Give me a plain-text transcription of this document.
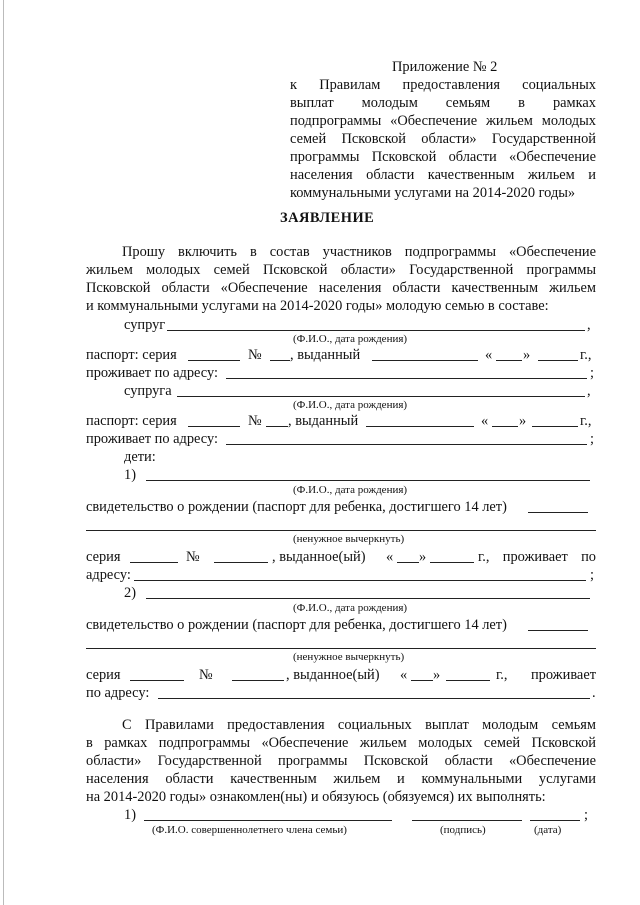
Приложение № 2
к Правилам предоставления социальных
выплат молодым семьям в рамках
подпрограммы «Обеспечение жильем молодых
семей Псковской области» Государственной
программы Псковской области «Обеспечение
населения области качественным жильем и
коммунальными услугами на 2014-2020 годы»
ЗАЯВЛЕНИЕ
Прошу включить в состав участников подпрограммы «Обеспечение
жильем молодых семей Псковской области» Государственной программы
Псковской области «Обеспечение населения области качественным жильем
и коммунальными услугами на 2014-2020 годы» молодую семью в составе:
супруг	,
(Ф.И.О., дата рождения)
паспорт: серия	№ , выданный	« »	г.,
проживает по адресу:	;
супруга	,
(Ф.И.О., дата рождения)
паспорт: серия	№ , выданный	« »	г.,
проживает по адресу:	;
дети:
1)
(Ф.И.О., дата рождения)
свидетельство о рождении (паспорт для ребенка, достигшего 14 лет)
(ненужное вычеркнуть)
серия	№	, выданное(ый) « »	г., проживает по
адресу:	;
2)
(Ф.И.О., дата рождения)
свидетельство о рождении (паспорт для ребенка, достигшего 14 лет)
(ненужное вычеркнуть)
серия	№	, выданное(ый) « »	г., проживает
по адресу:	.
С Правилами предоставления социальных выплат молодым семьям
в рамках подпрограммы «Обеспечение жильем молодых семей Псковской
области» Государственной программы Псковской области «Обеспечение
населения области качественным жильем и коммунальными услугами
на 2014-2020 годы» ознакомлен(ны) и обязуюсь (обязуемся) их выполнять:
1)	;
(Ф.И.О. совершеннолетнего члена семьи)	(подпись)	(дата)
